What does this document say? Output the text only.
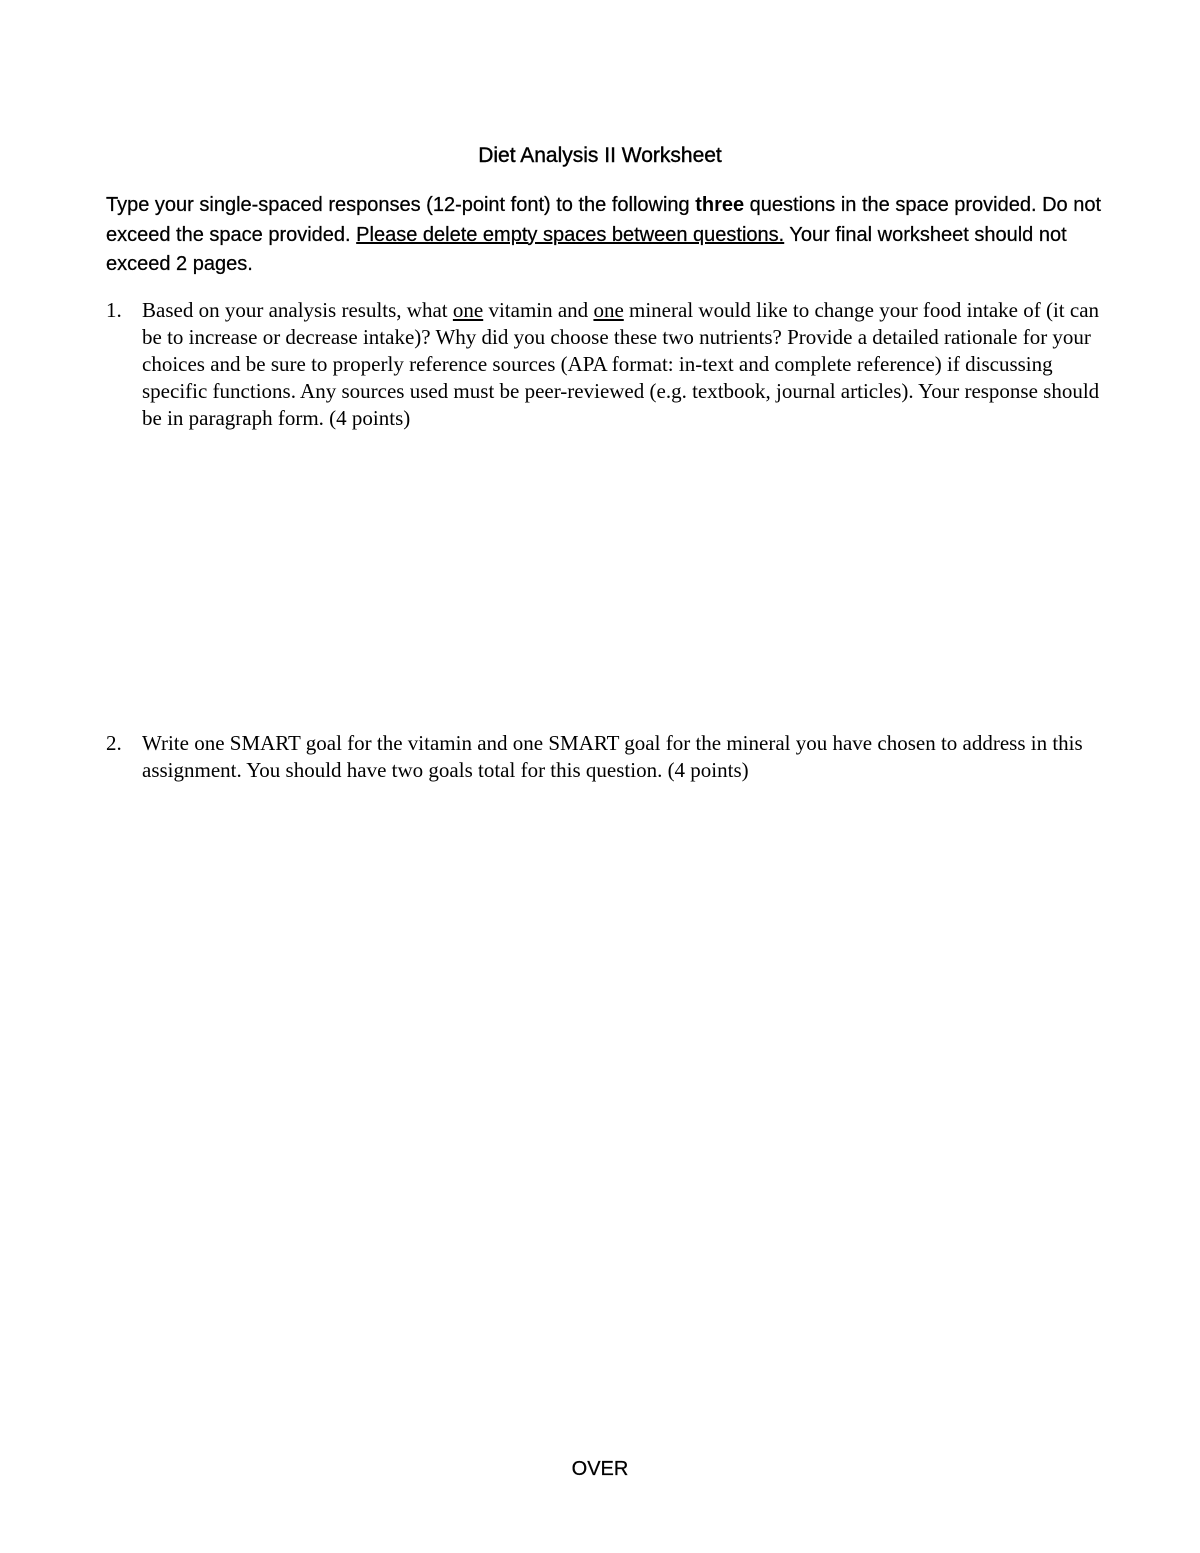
Diet Analysis II Worksheet

Type your single-spaced responses (12-point font) to the following three questions in the space provided. Do not exceed the space provided. Please delete empty spaces between questions. Your final worksheet should not exceed 2 pages.

1. Based on your analysis results, what one vitamin and one mineral would like to change your food intake of (it can be to increase or decrease intake)? Why did you choose these two nutrients? Provide a detailed rationale for your choices and be sure to properly reference sources (APA format: in-text and complete reference) if discussing specific functions. Any sources used must be peer-reviewed (e.g. textbook, journal articles). Your response should be in paragraph form. (4 points)
2. Write one SMART goal for the vitamin and one SMART goal for the mineral you have chosen to address in this assignment. You should have two goals total for this question. (4 points)
OVER
